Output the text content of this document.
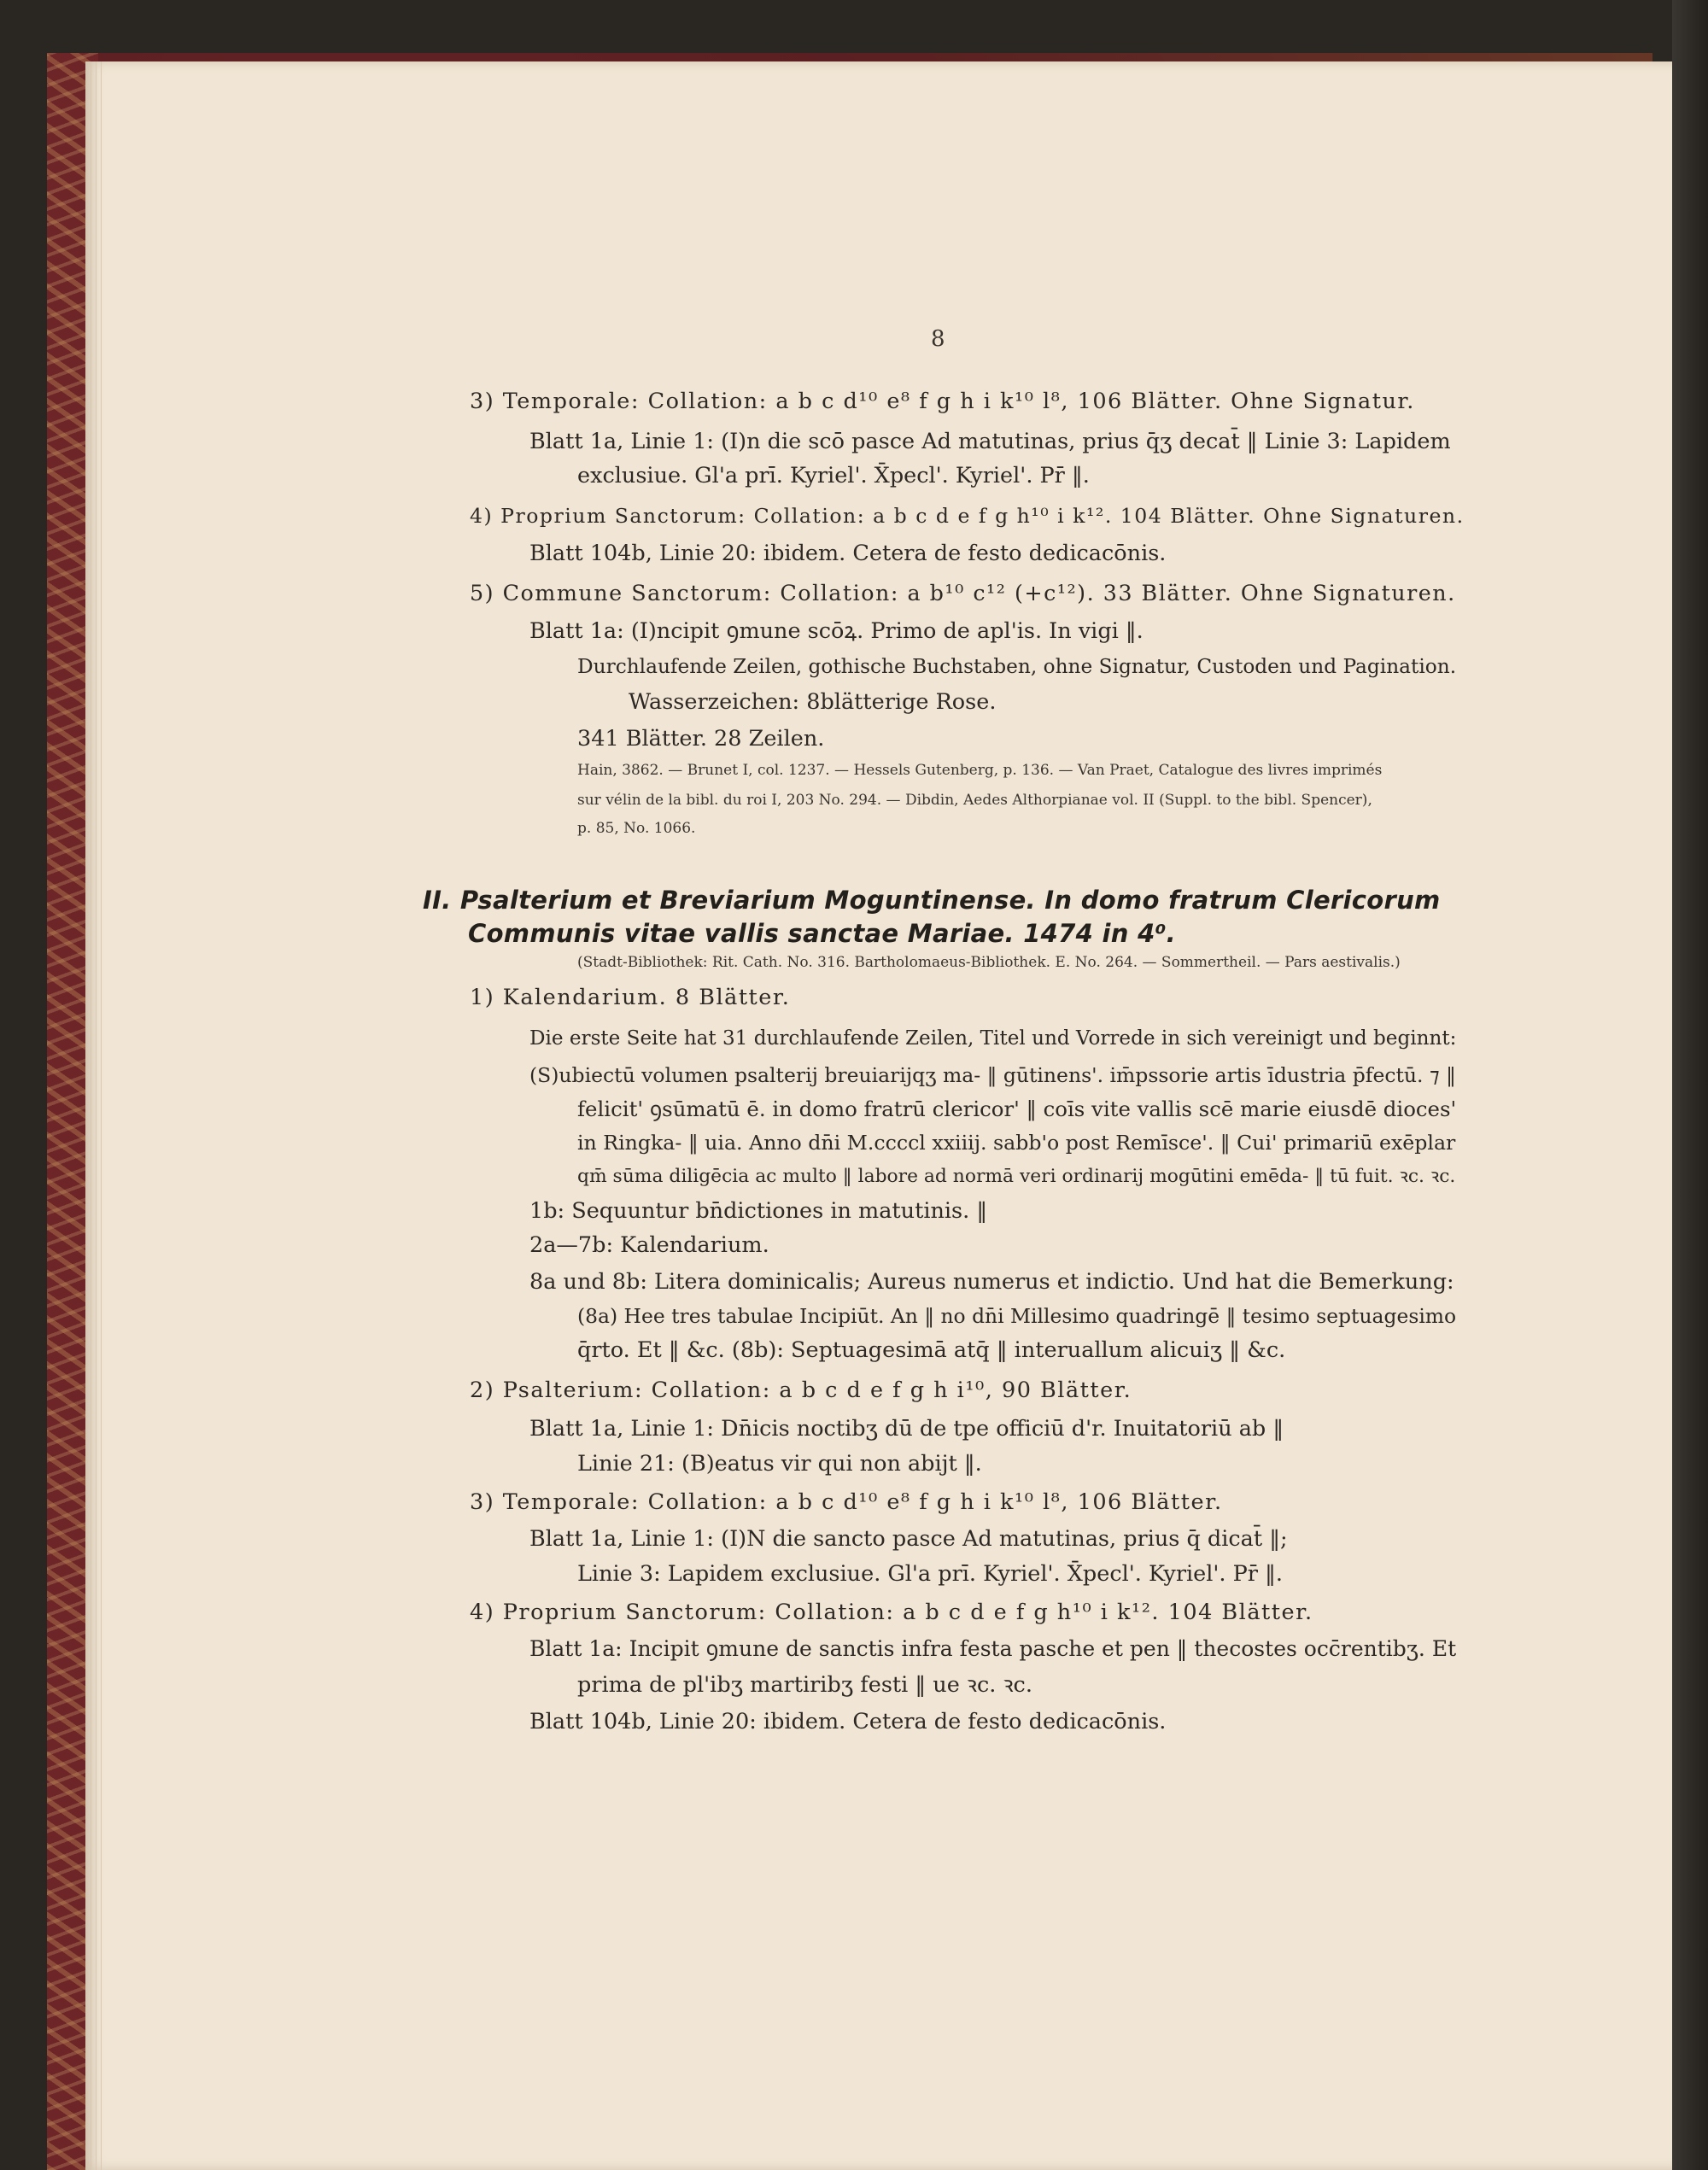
8
3) Temporale: Collation: a b c d¹⁰ e⁸ f g h i k¹⁰ l⁸, 106 Blätter. Ohne Signatur.
Blatt 1a, Linie 1: (I)n die scō pasce Ad matutinas, prius q̄ʒ decat̄ ‖ Linie 3: Lapidem
exclusiue. Gl'a prī. Kyriel'. X̄pecl'. Kyriel'. Pr̄ ‖.
4) Proprium Sanctorum: Collation: a b c d e f g h¹⁰ i k¹². 104 Blätter. Ohne Signaturen.
Blatt 104b, Linie 20: ibidem. Cetera de festo dedicacōnis.
5) Commune Sanctorum: Collation: a b¹⁰ c¹² (+c¹²). 33 Blätter. Ohne Signaturen.
Blatt 1a: (I)ncipit ꝯmune scōꝝ. Primo de apl'is. In vigi ‖.
Durchlaufende Zeilen, gothische Buchstaben, ohne Signatur, Custoden und Pagination.
Wasserzeichen: 8blätterige Rose.
341 Blätter. 28 Zeilen.
Hain, 3862. — Brunet I, col. 1237. — Hessels Gutenberg, p. 136. — Van Praet, Catalogue des livres imprimés
sur vélin de la bibl. du roi I, 203 No. 294. — Dibdin, Aedes Althorpianae vol. II (Suppl. to the bibl. Spencer),
p. 85, No. 1066.
II. Psalterium et Breviarium Moguntinense. In domo fratrum Clericorum
Communis vitae vallis sanctae Mariae. 1474 in 4⁰.
(Stadt-Bibliothek: Rit. Cath. No. 316. Bartholomaeus-Bibliothek. E. No. 264. — Sommertheil. — Pars aestivalis.)
1) Kalendarium. 8 Blätter.
Die erste Seite hat 31 durchlaufende Zeilen, Titel und Vorrede in sich vereinigt und beginnt:
(S)ubiectū volumen psalterij breuiarijqʒ ma- ‖ gūtinens'. im̄pssorie artis īdustria p̄fectū. ⁊ ‖
felicit' ꝯsūmatū ē. in domo fratrū clericor' ‖ coīs vite vallis scē marie eiusdē dioces'
in Ringka- ‖ uia. Anno dn̄i M.ccccl xxiiij. sabb'o post Remīsce'. ‖ Cui' primariū exēplar
qm̄ sūma diligēcia ac multo ‖ labore ad normā veri ordinarij mogūtini emēda- ‖ tū fuit. ꝛc. ꝛc.
1b: Sequuntur bn̄dictiones in matutinis. ‖
2a—7b: Kalendarium.
8a und 8b: Litera dominicalis; Aureus numerus et indictio. Und hat die Bemerkung:
(8a) Hee tres tabulae Incipiūt. An ‖ no dn̄i Millesimo quadringē ‖ tesimo septuagesimo
q̄rto. Et ‖ &c. (8b): Septuagesimā atq̄ ‖ interuallum alicuiʒ ‖ &c.
2) Psalterium: Collation: a b c d e f g h i¹⁰, 90 Blätter.
Blatt 1a, Linie 1: Dn̄icis noctibʒ dū de tpe officiū d'r. Inuitatoriū ab ‖
Linie 21: (B)eatus vir qui non abijt ‖.
3) Temporale: Collation: a b c d¹⁰ e⁸ f g h i k¹⁰ l⁸, 106 Blätter.
Blatt 1a, Linie 1: (I)N die sancto pasce Ad matutinas, prius q̄ dicat̄ ‖;
Linie 3: Lapidem exclusiue. Gl'a prī. Kyriel'. X̄pecl'. Kyriel'. Pr̄ ‖.
4) Proprium Sanctorum: Collation: a b c d e f g h¹⁰ i k¹². 104 Blätter.
Blatt 1a: Incipit ꝯmune de sanctis infra festa pasche et pen ‖ thecostes occ̄rentibʒ. Et
prima de pl'ibʒ martiribʒ festi ‖ ue ꝛc. ꝛc.
Blatt 104b, Linie 20: ibidem. Cetera de festo dedicacōnis.
